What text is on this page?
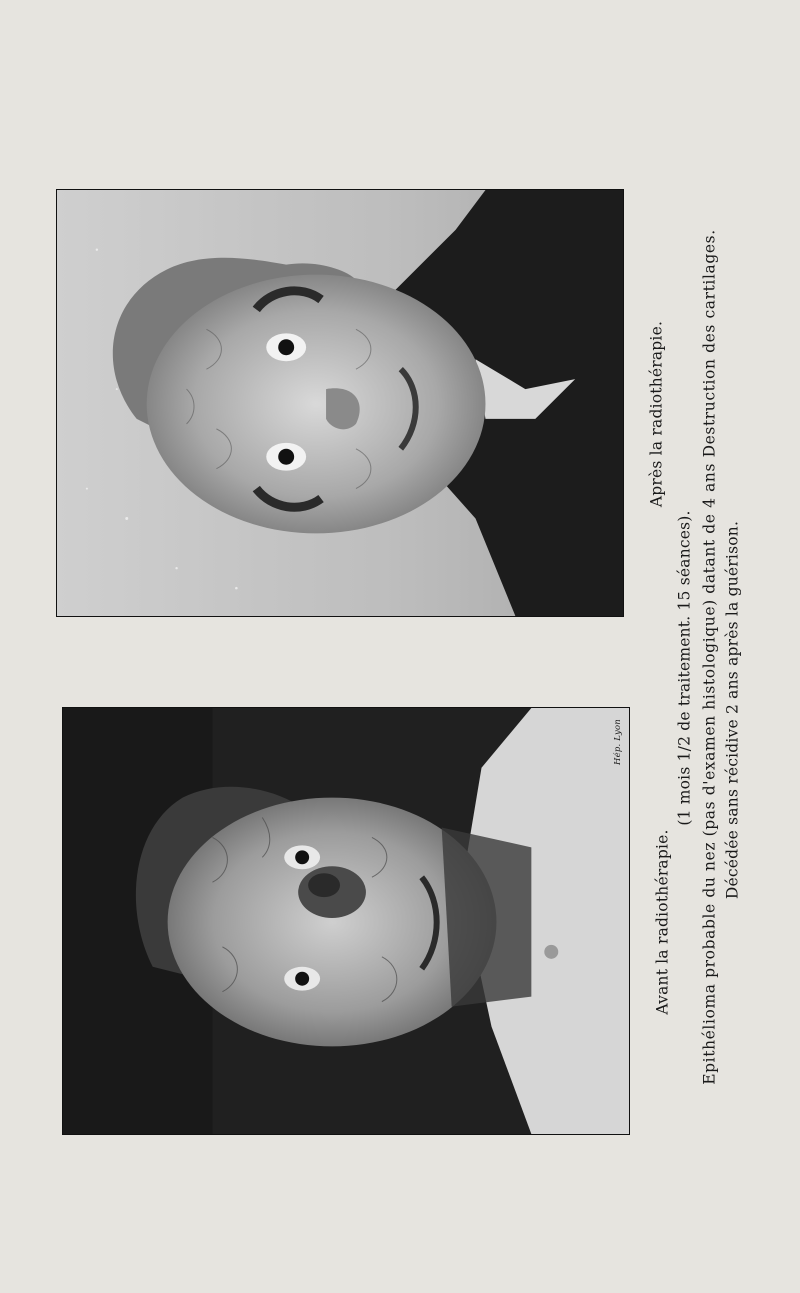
Hép. Lyon
Avant la radiothérapie.
Après la radiothérapie.
(1 mois 1/2 de traitement. 15 séances). Epithélioma probable du nez (pas d'examen histologique) datant de 4 ans Destruction des cartilages. Décédée sans récidive 2 ans après la guérison.
